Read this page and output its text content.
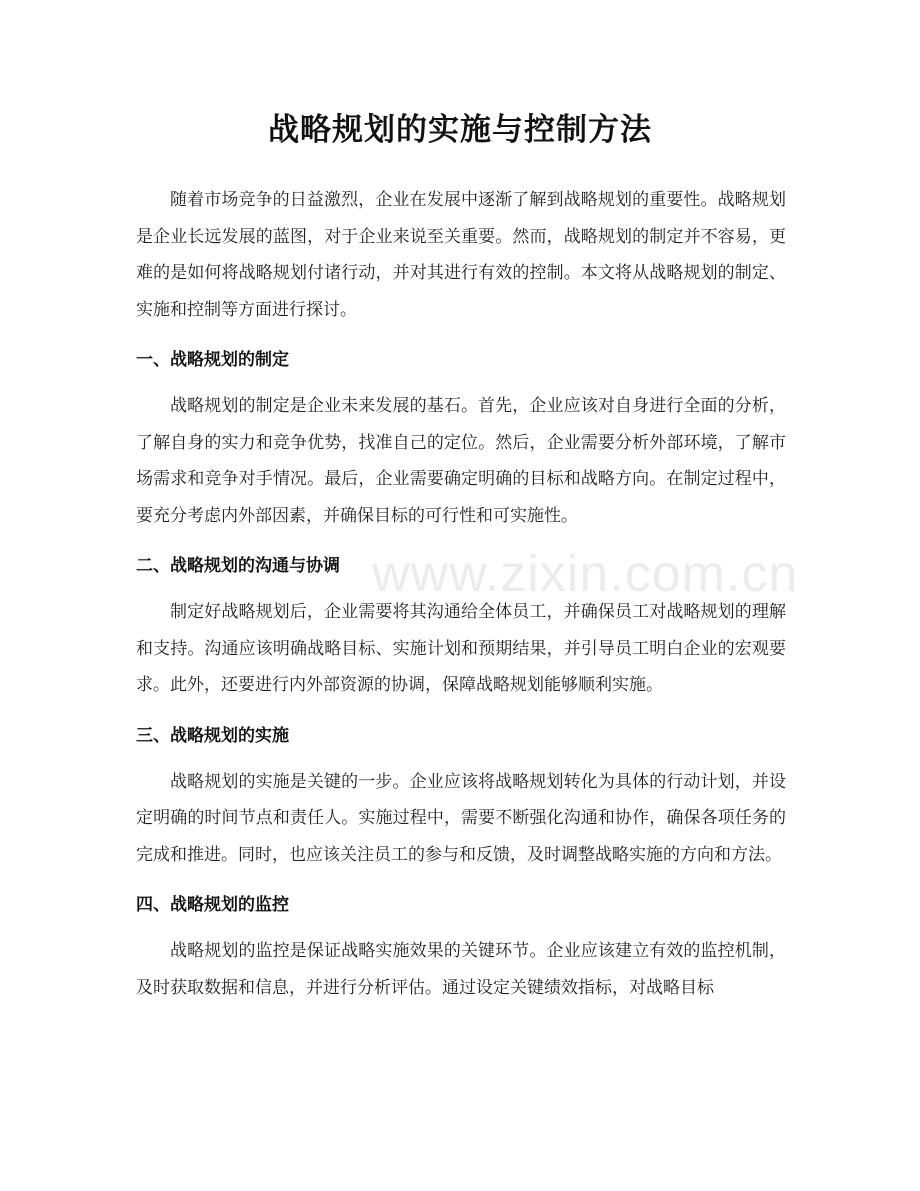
战略规划的实施与控制方法

随着市场竞争的日益激烈，企业在发展中逐渐了解到战略规划的重要性。战略规划是企业长远发展的蓝图，对于企业来说至关重要。然而，战略规划的制定并不容易，更难的是如何将战略规划付诸行动，并对其进行有效的控制。本文将从战略规划的制定、实施和控制等方面进行探讨。

一、战略规划的制定

战略规划的制定是企业未来发展的基石。首先，企业应该对自身进行全面的分析，了解自身的实力和竞争优势，找准自己的定位。然后，企业需要分析外部环境，了解市场需求和竞争对手情况。最后，企业需要确定明确的目标和战略方向。在制定过程中，要充分考虑内外部因素，并确保目标的可行性和可实施性。

二、战略规划的沟通与协调

制定好战略规划后，企业需要将其沟通给全体员工，并确保员工对战略规划的理解和支持。沟通应该明确战略目标、实施计划和预期结果，并引导员工明白企业的宏观要求。此外，还要进行内外部资源的协调，保障战略规划能够顺利实施。

三、战略规划的实施

战略规划的实施是关键的一步。企业应该将战略规划转化为具体的行动计划，并设定明确的时间节点和责任人。实施过程中，需要不断强化沟通和协作，确保各项任务的完成和推进。同时，也应该关注员工的参与和反馈，及时调整战略实施的方向和方法。

四、战略规划的监控

战略规划的监控是保证战略实施效果的关键环节。企业应该建立有效的监控机制，及时获取数据和信息，并进行分析评估。通过设定关键绩效指标，对战略目标

www.zixin.com.cn
